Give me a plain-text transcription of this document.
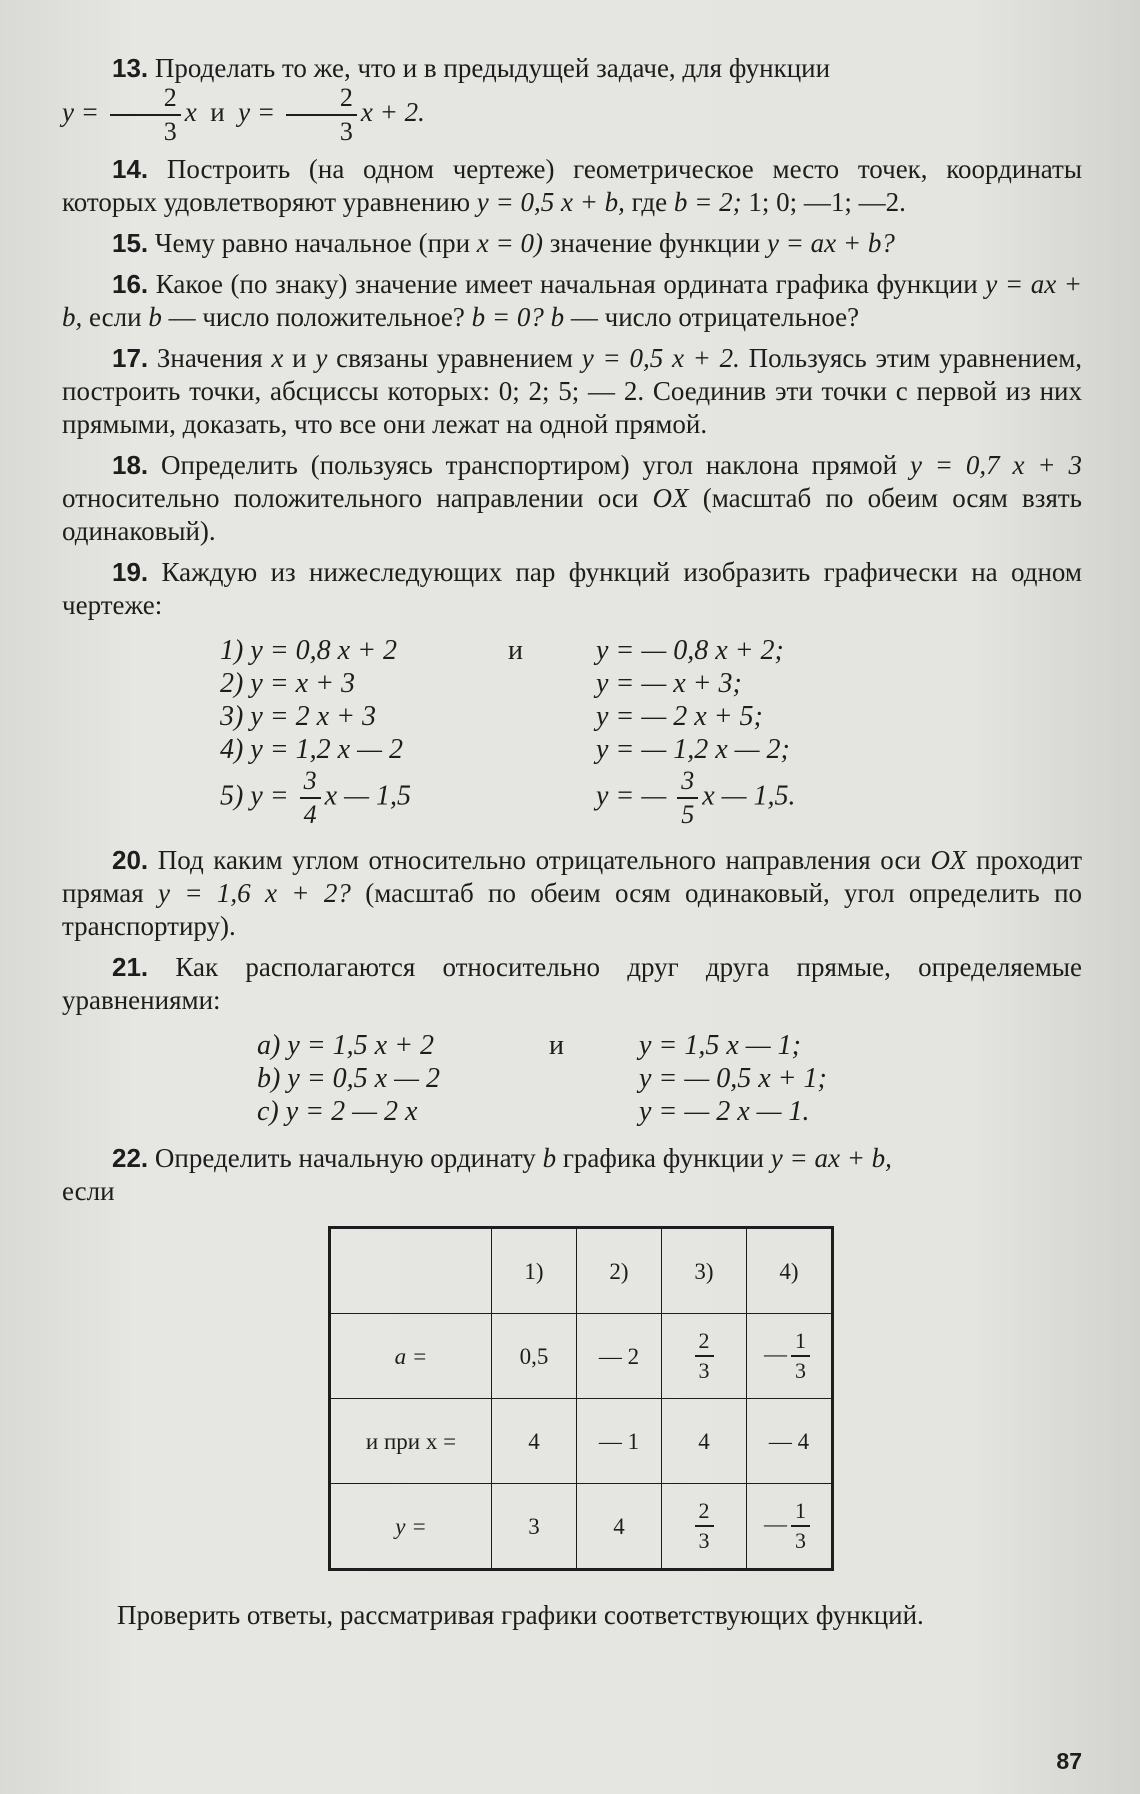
13. Проделать то же, что и в предыдущей задаче, для функции
$y = \frac{2}{3}$ x и $y = \frac{2}{3}$ x + 2.

14. Построить (на одном чертеже) геометрическое место точек, координаты которых удовлетворяют уравнению y = 0,5 x + b, где b = 2; 1; 0; —1; —2.

15. Чему равно начальное (при x = 0) значение функции y = ax + b?

16. Какое (по знаку) значение имеет начальная ордината графика функции y = ax + b, если b — число положительное? b = 0? b — число отрицательное?

17. Значения x и y связаны уравнением y = 0,5 x + 2. Пользуясь этим уравнением, построить точки, абсциссы которых: 0; 2; 5; — 2. Соединив эти точки с первой из них прямыми, доказать, что все они лежат на одной прямой.

18. Определить (пользуясь транспортиром) угол наклона прямой y = 0,7 x + 3 относительно положительного направлении оси OX (масштаб по обеим осям взять одинаковый).

19. Каждую из нижеследующих пар функций изобразить графически на одном чертеже:

1) y = 0,8 x + 2	и	y = — 0,8 x + 2;
2) y = x + 3	y = — x + 3;
3) y = 2 x + 3	y = — 2 x + 5;
4) y = 1,2 x — 2	y = — 1,2 x — 2;
5) $y = \frac{3}{4}$ x — 1,5	y = — $\frac{3}{5}$ x — 1,5.

20. Под каким углом относительно отрицательного направления оси OX проходит прямая y = 1,6 x + 2? (масштаб по обеим осям одинаковый, угол определить по транспортиру).

21. Как располагаются относительно друг друга прямые, определяемые уравнениями:

a) y = 1,5 x + 2	и	y = 1,5 x — 1;
b) y = 0,5 x — 2	y = — 0,5 x + 1;
c) y = 2 — 2 x	y = — 2 x — 1.

22. Определить начальную ординату b графика функции y = ax + b,
если

	1)	2)	3)	4)
a =	0,5	— 2	$\frac{2}{3}$	— $\frac{1}{3}$

и при x =	4	— 1	4	— 4
y =	3	4	$\frac{2}{3}$	— $\frac{1}{3}$

Проверить ответы, рассматривая графики соответствующих функций.

87
